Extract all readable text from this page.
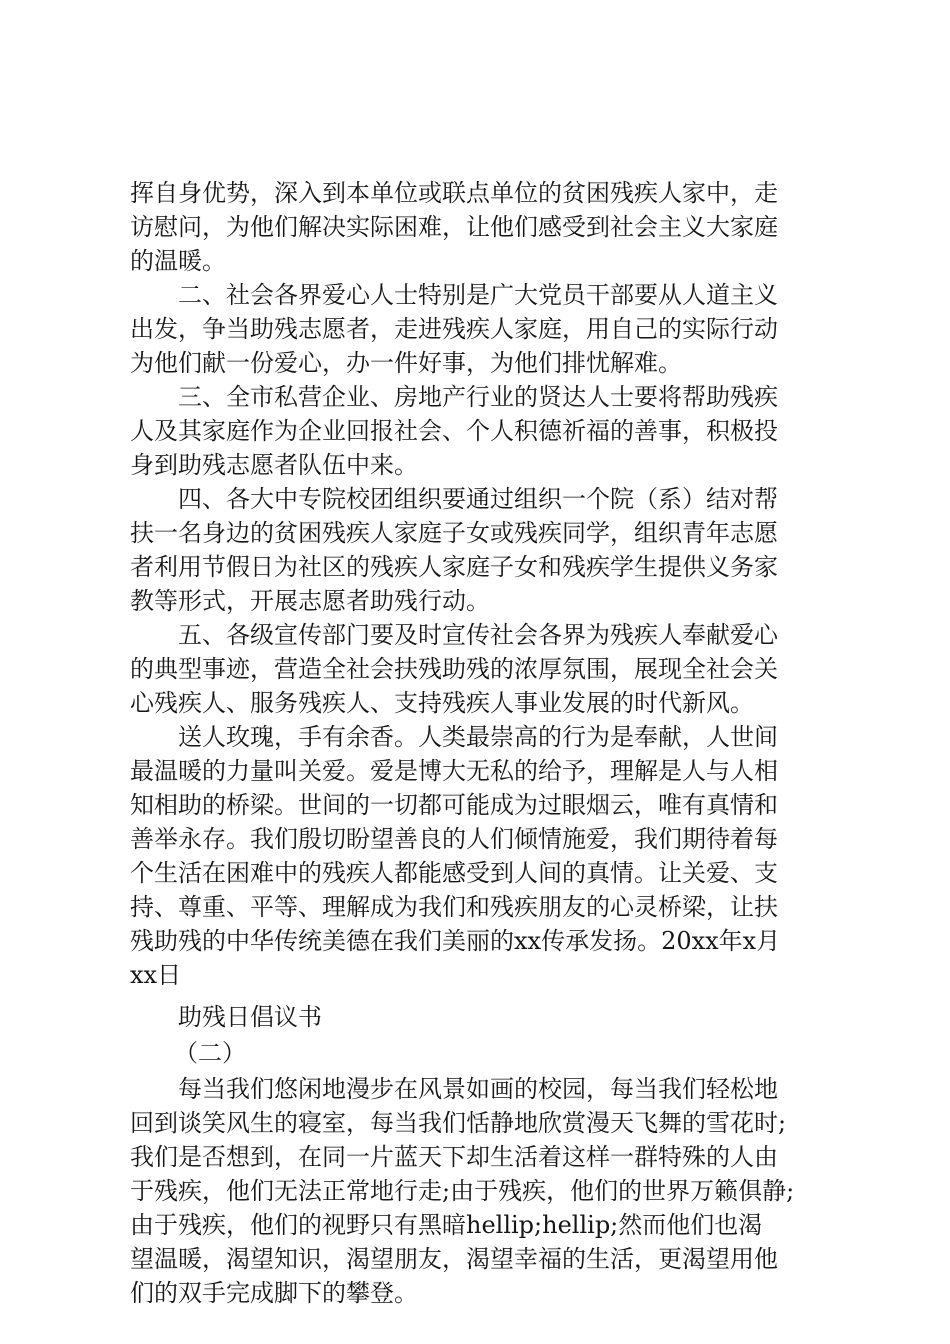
挥自身优势，深入到本单位或联点单位的贫困残疾人家中，走
访慰问，为他们解决实际困难，让他们感受到社会主义大家庭
的温暖。
二、社会各界爱心人士特别是广大党员干部要从人道主义
出发，争当助残志愿者，走进残疾人家庭，用自己的实际行动
为他们献一份爱心，办一件好事，为他们排忧解难。
三、全市私营企业、房地产行业的贤达人士要将帮助残疾
人及其家庭作为企业回报社会、个人积德祈福的善事，积极投
身到助残志愿者队伍中来。
四、各大中专院校团组织要通过组织一个院（系）结对帮
扶一名身边的贫困残疾人家庭子女或残疾同学，组织青年志愿
者利用节假日为社区的残疾人家庭子女和残疾学生提供义务家
教等形式，开展志愿者助残行动。
五、各级宣传部门要及时宣传社会各界为残疾人奉献爱心
的典型事迹，营造全社会扶残助残的浓厚氛围，展现全社会关
心残疾人、服务残疾人、支持残疾人事业发展的时代新风。
送人玫瑰，手有余香。人类最崇高的行为是奉献，人世间
最温暖的力量叫关爱。爱是博大无私的给予，理解是人与人相
知相助的桥梁。世间的一切都可能成为过眼烟云，唯有真情和
善举永存。我们殷切盼望善良的人们倾情施爱，我们期待着每
个生活在困难中的残疾人都能感受到人间的真情。让关爱、支
持、尊重、平等、理解成为我们和残疾朋友的心灵桥梁，让扶
残助残的中华传统美德在我们美丽的xx传承发扬。20xx年x月
xx日
助残日倡议书
（二）
每当我们悠闲地漫步在风景如画的校园，每当我们轻松地
回到谈笑风生的寝室，每当我们恬静地欣赏漫天飞舞的雪花时;
我们是否想到，在同一片蓝天下却生活着这样一群特殊的人由
于残疾，他们无法正常地行走;由于残疾，他们的世界万籁俱静;
由于残疾，他们的视野只有黑暗hellip;hellip;然而他们也渴
望温暖，渴望知识，渴望朋友，渴望幸福的生活，更渴望用他
们的双手完成脚下的攀登。
